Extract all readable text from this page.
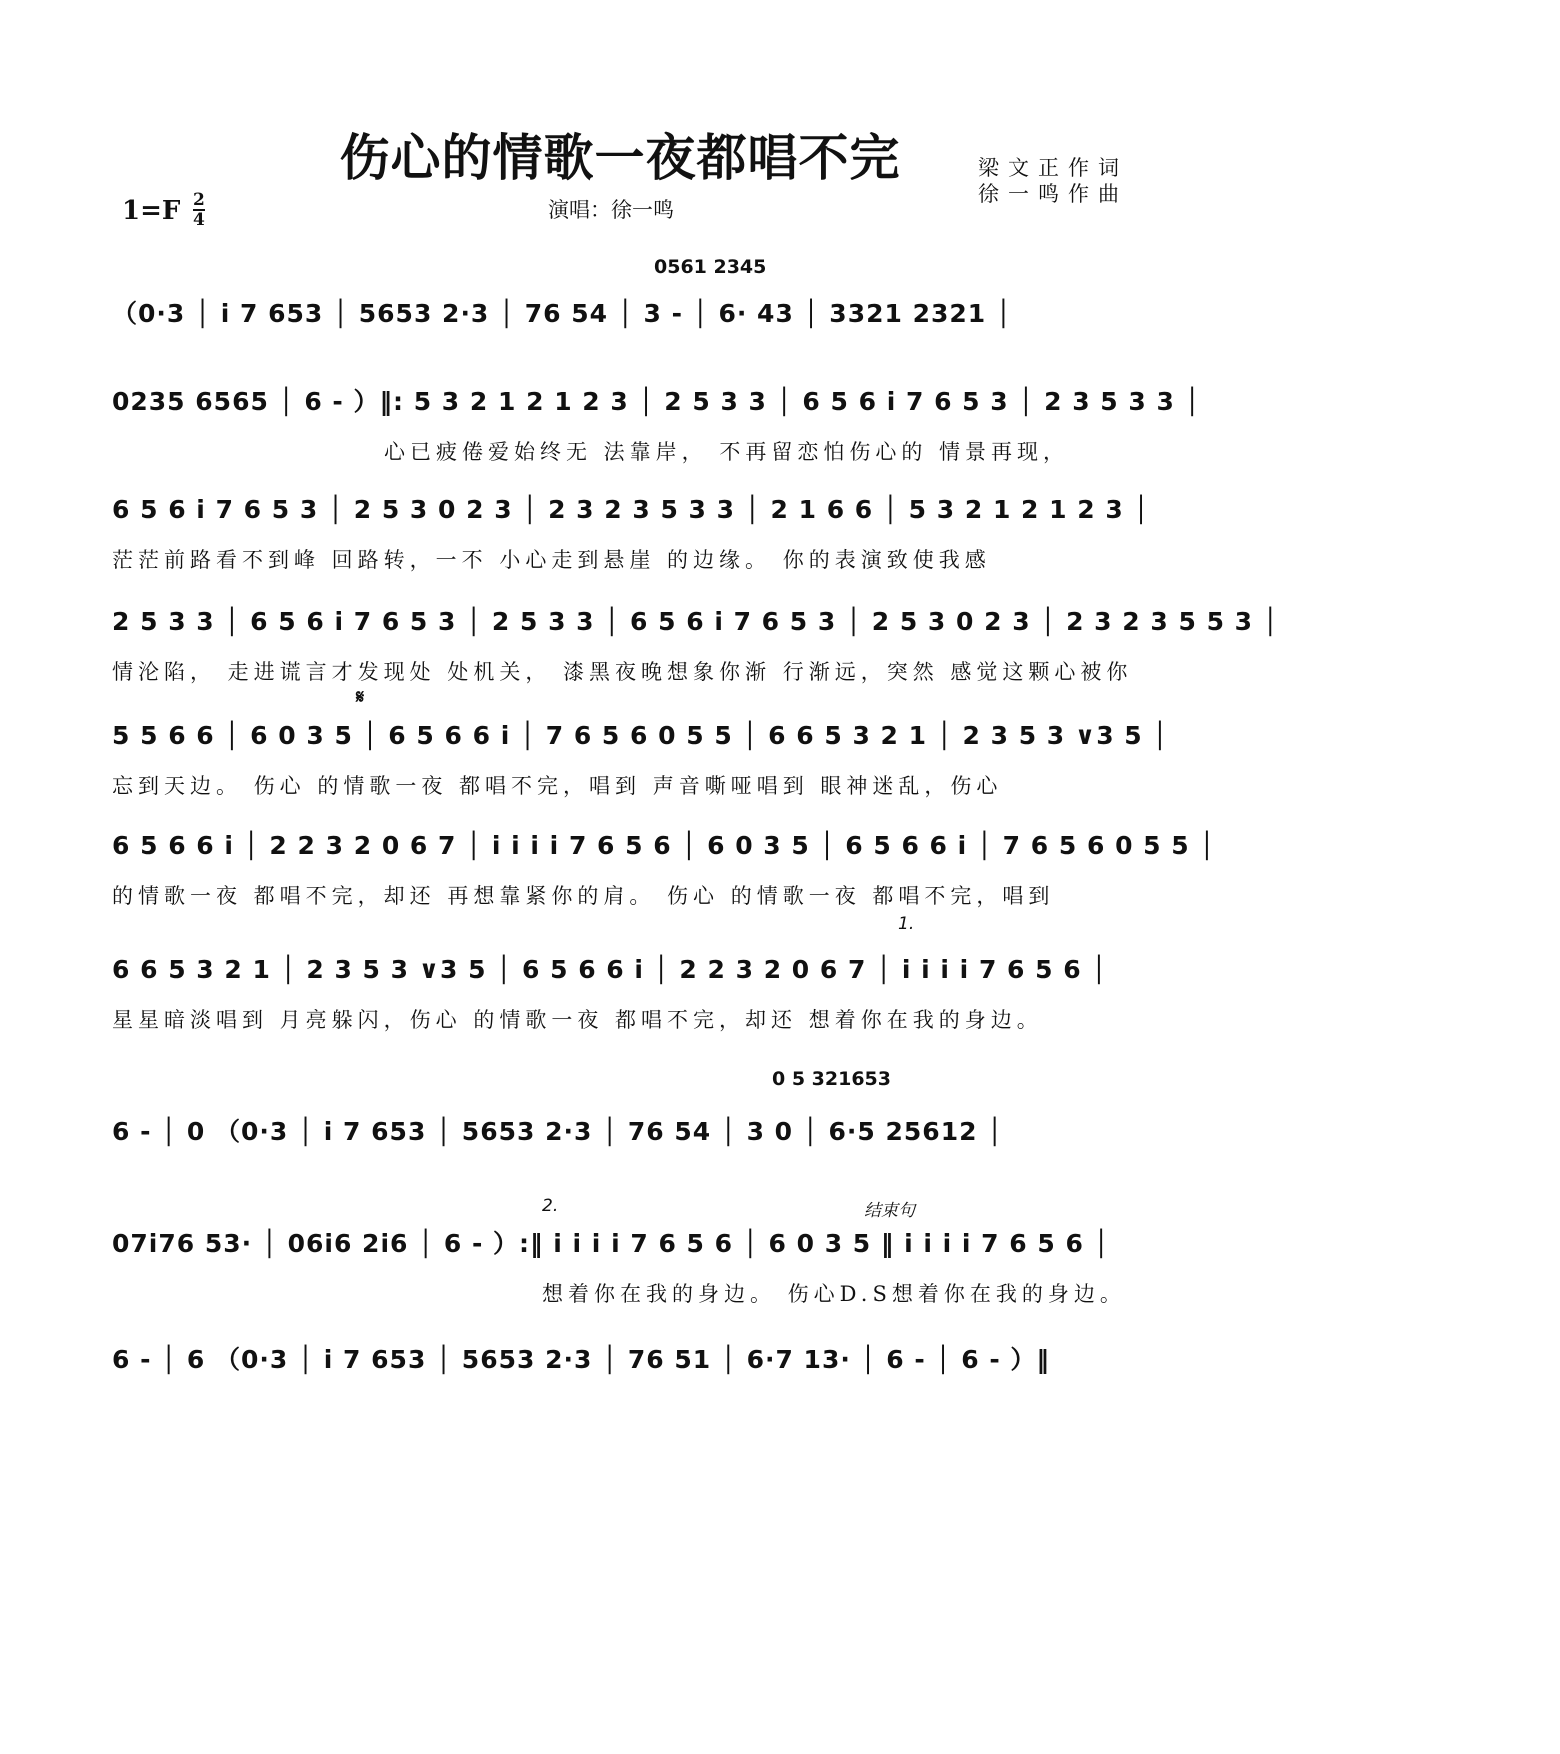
伤心的情歌一夜都唱不完	梁文正作词
徐一鸣作曲
演唱：徐一鸣
$1=F \frac{2}{4}$
0561 2345
（0·3 │ i 7 653 │ 5653 2·3 │ 76 54 │ 3 - │ 6· 43 │ 3321 2321 │
0235 6565 │ 6 - ）‖: 5 3 2 1 2 1 2 3 │ 2 5 3 3 │ 6 5 6 i 7 6 5 3 │ 2 3 5 3 3 │
心已疲倦爱始终无 法靠岸， 不再留恋怕伤心的 情景再现，
6 5 6 i 7 6 5 3 │ 2 5 3 0 2 3 │ 2 3 2 3 5 3 3 │ 2 1 6 6 │ 5 3 2 1 2 1 2 3 │
茫茫前路看不到峰 回路转，一不 小心走到悬崖 的边缘。 你的表演致使我感
2 5 3 3 │ 6 5 6 i 7 6 5 3 │ 2 5 3 3 │ 6 5 6 i 7 6 5 3 │ 2 5 3 0 2 3 │ 2 3 2 3 5 5 3 │
情沦陷， 走进谎言才发现处 处机关， 漆黑夜晚想象你渐 行渐远，突然 感觉这颗心被你
𝄋
5 5 6 6 │ 6 0 3 5 │ 6 5 6 6 i │ 7 6 5 6 0 5 5 │ 6 6 5 3 2 1 │ 2 3 5 3 ∨3 5 │
忘到天边。 伤心 的情歌一夜 都唱不完，唱到 声音嘶哑唱到 眼神迷乱，伤心
6 5 6 6 i │ 2 2 3 2 0 6 7 │ i i i i 7 6 5 6 │ 6 0 3 5 │ 6 5 6 6 i │ 7 6 5 6 0 5 5 │
的情歌一夜 都唱不完，却还 再想靠紧你的肩。 伤心 的情歌一夜 都唱不完，唱到
1.
6 6 5 3 2 1 │ 2 3 5 3 ∨3 5 │ 6 5 6 6 i │ 2 2 3 2 0 6 7 │ i i i i 7 6 5 6 │
星星暗淡唱到 月亮躲闪，伤心 的情歌一夜 都唱不完，却还 想着你在我的身边。
0 5 321653
6 - │ 0 （0·3 │ i 7 653 │ 5653 2·3 │ 76 54 │ 3 0 │ 6·5 25612 │
2.	结束句
07i76 53· │ 06i6 2i6 │ 6 - ）:‖ i i i i 7 6 5 6 │ 6 0 3 5 ‖ i i i i 7 6 5 6 │
想着你在我的身边。 伤心D.S想着你在我的身边。
6 - │ 6 （0·3 │ i 7 653 │ 5653 2·3 │ 76 51 │ 6·7 13· │ 6 - │ 6 - ）‖
